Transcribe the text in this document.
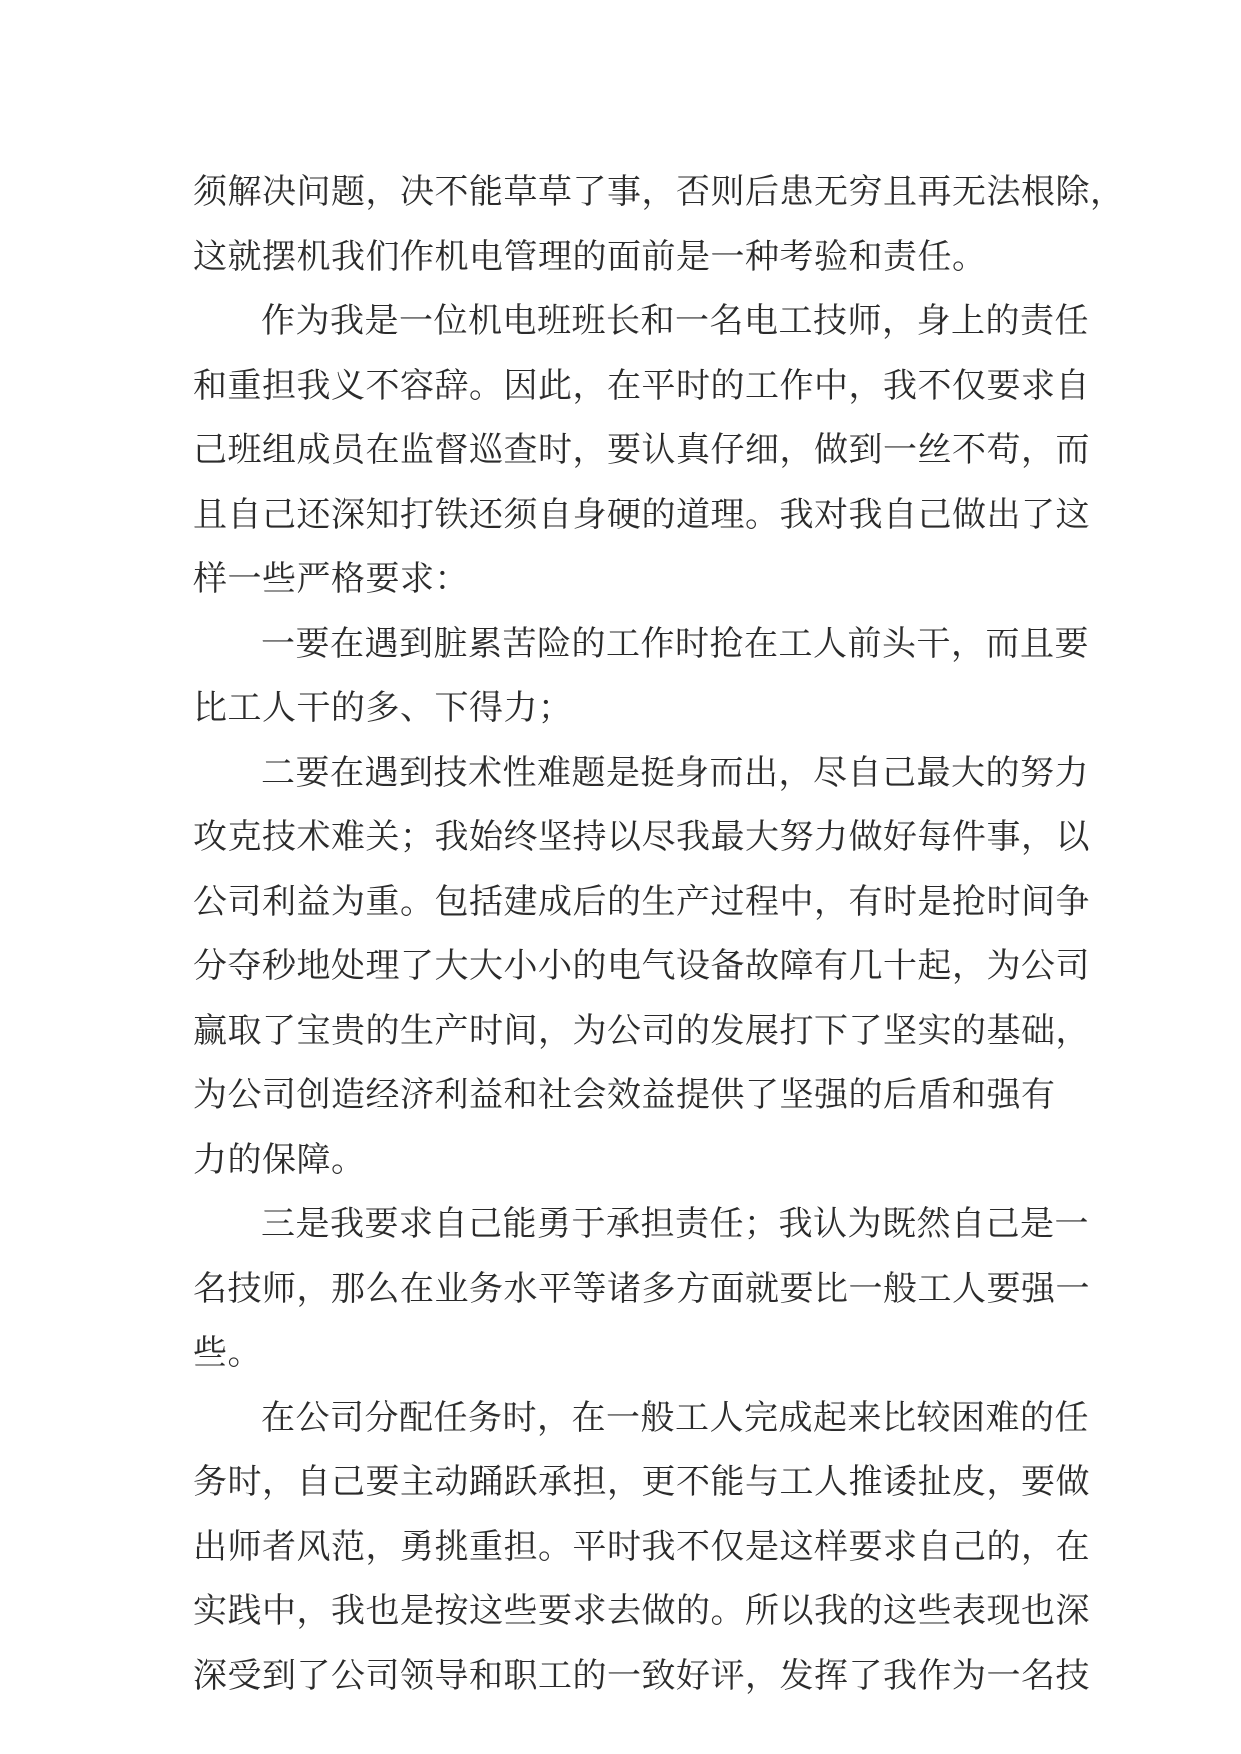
须解决问题，决不能草草了事，否则后患无穷且再无法根除，
这就摆机我们作机电管理的面前是一种考验和责任。
作为我是一位机电班班长和一名电工技师，身上的责任
和重担我义不容辞。因此，在平时的工作中，我不仅要求自
己班组成员在监督巡查时，要认真仔细，做到一丝不苟，而
且自己还深知打铁还须自身硬的道理。我对我自己做出了这
样一些严格要求：
一要在遇到脏累苦险的工作时抢在工人前头干，而且要
比工人干的多、下得力；
二要在遇到技术性难题是挺身而出，尽自己最大的努力
攻克技术难关；我始终坚持以尽我最大努力做好每件事，以
公司利益为重。包括建成后的生产过程中，有时是抢时间争
分夺秒地处理了大大小小的电气设备故障有几十起，为公司
赢取了宝贵的生产时间，为公司的发展打下了坚实的基础，
为公司创造经济利益和社会效益提供了坚强的后盾和强有
力的保障。
三是我要求自己能勇于承担责任；我认为既然自己是一
名技师，那么在业务水平等诸多方面就要比一般工人要强一
些。
在公司分配任务时，在一般工人完成起来比较困难的任
务时，自己要主动踊跃承担，更不能与工人推诿扯皮，要做
出师者风范，勇挑重担。平时我不仅是这样要求自己的，在
实践中，我也是按这些要求去做的。所以我的这些表现也深
深受到了公司领导和职工的一致好评，发挥了我作为一名技
